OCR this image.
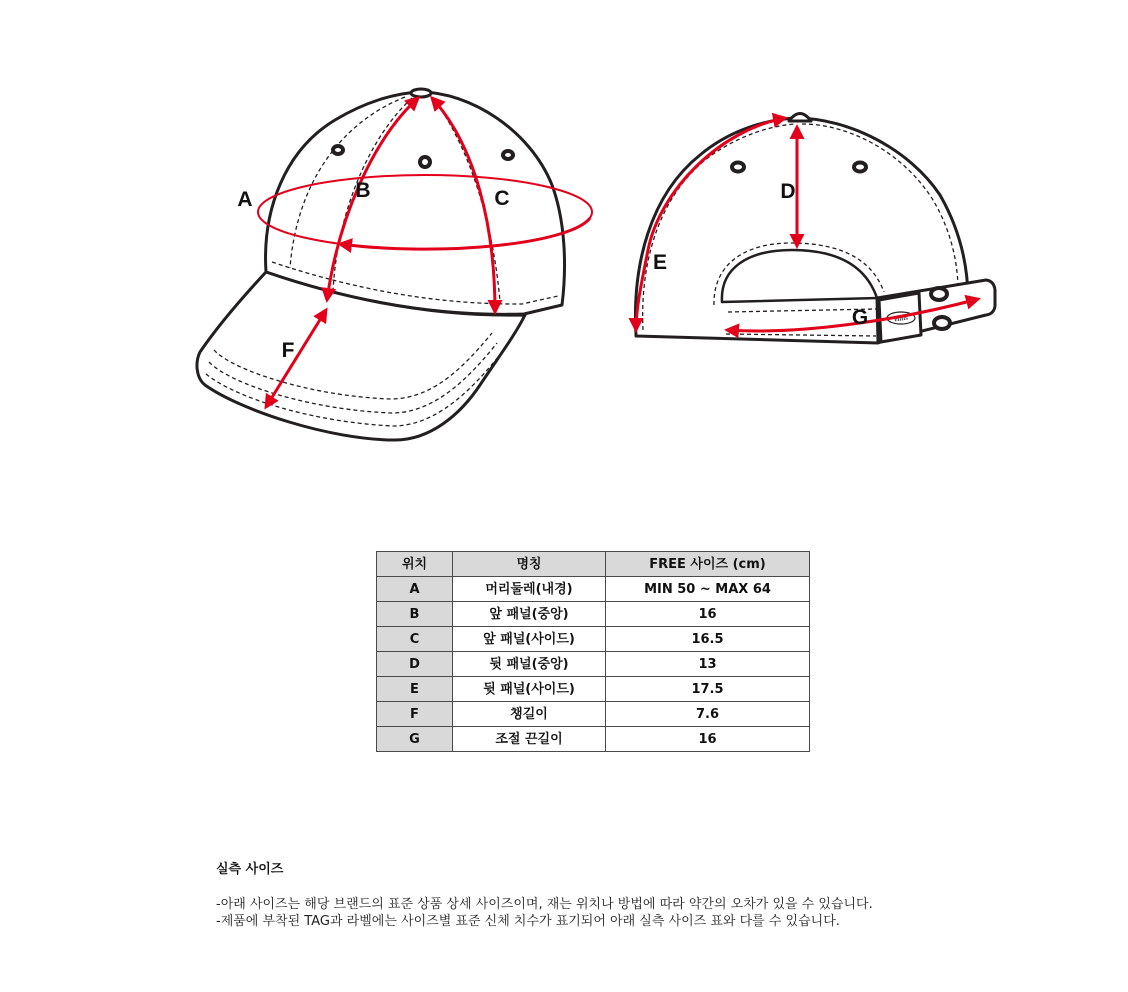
A	B	C
F
emis
D
E
G
위치	명칭	FREE 사이즈 (cm)
A	머리둘레(내경)	MIN 50 ~ MAX 64
B	앞 패널(중앙)	16
C	앞 패널(사이드)	16.5
D	뒷 패널(중앙)	13
E	뒷 패널(사이드)	17.5
F	챙길이	7.6
G	조절 끈길이	16
실측 사이즈
-아래 사이즈는 해당 브랜드의 표준 상품 상세 사이즈이며, 재는 위치나 방법에 따라 약간의 오차가 있을 수 있습니다.
-제품에 부착된 TAG과 라벨에는 사이즈별 표준 신체 치수가 표기되어 아래 실측 사이즈 표와 다를 수 있습니다.
